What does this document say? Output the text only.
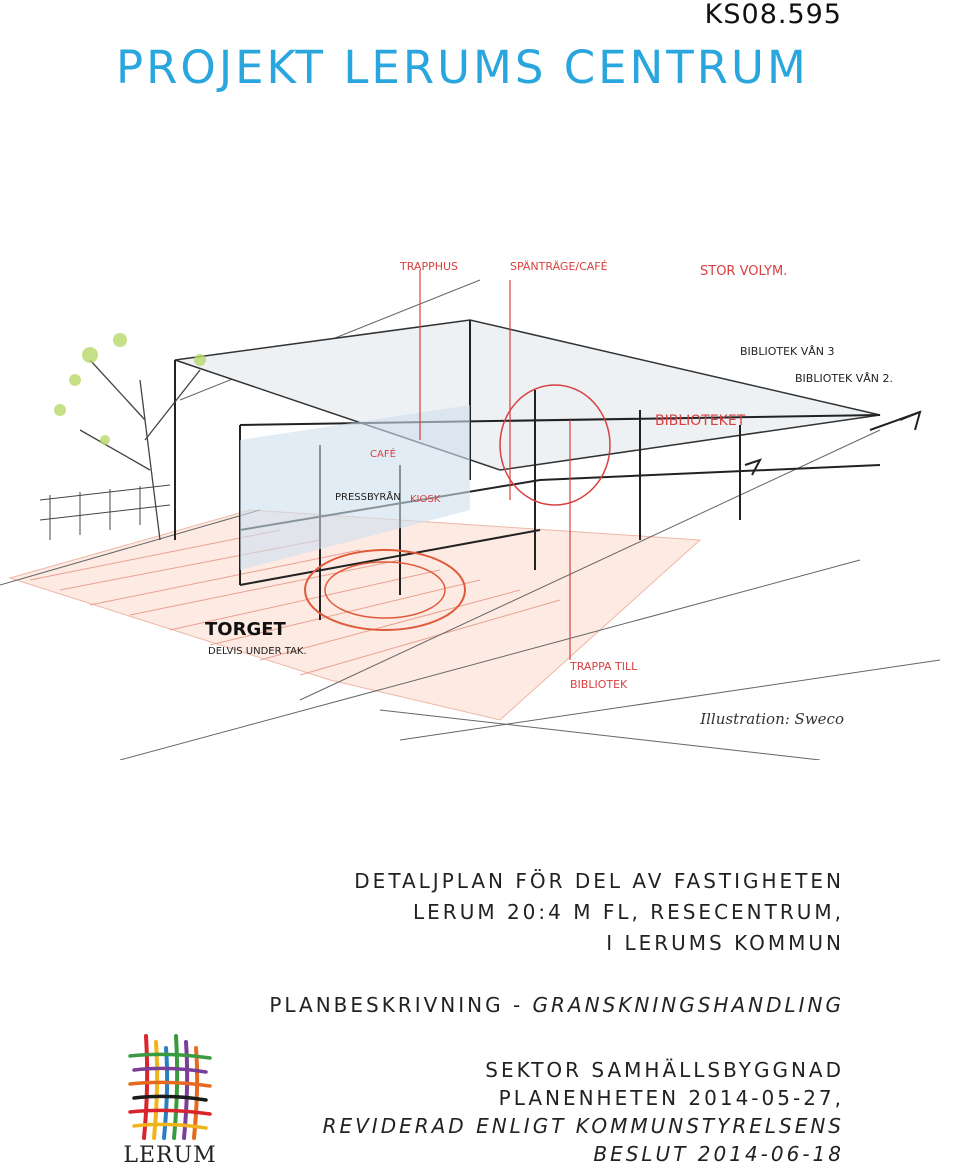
KS08.595
PROJEKT LERUMS CENTRUM
TRAPPHUS	SPÄNTRÄGE/CAFÉ	STOR VOLYM.
BIBLIOTEK VÅN 3
BIBLIOTEK VÅN 2.
BIBLIOTEKET
CAFÉ
PRESSBYRÅN KIOSK
TORGET
DELVIS UNDER TAK.
TRAPPA TILL
BIBLIOTEK
Illustration: Sweco
DETALJPLAN FÖR DEL AV FASTIGHETEN
LERUM 20:4 M FL, RESECENTRUM,
I LERUMS KOMMUN
PLANBESKRIVNING - GRANSKNINGSHANDLING
SEKTOR SAMHÄLLSBYGGNAD
PLANENHETEN 2014-05-27,
REVIDERAD ENLIGT KOMMUNSTYRELSENS
BESLUT 2014-06-18
LERUM
